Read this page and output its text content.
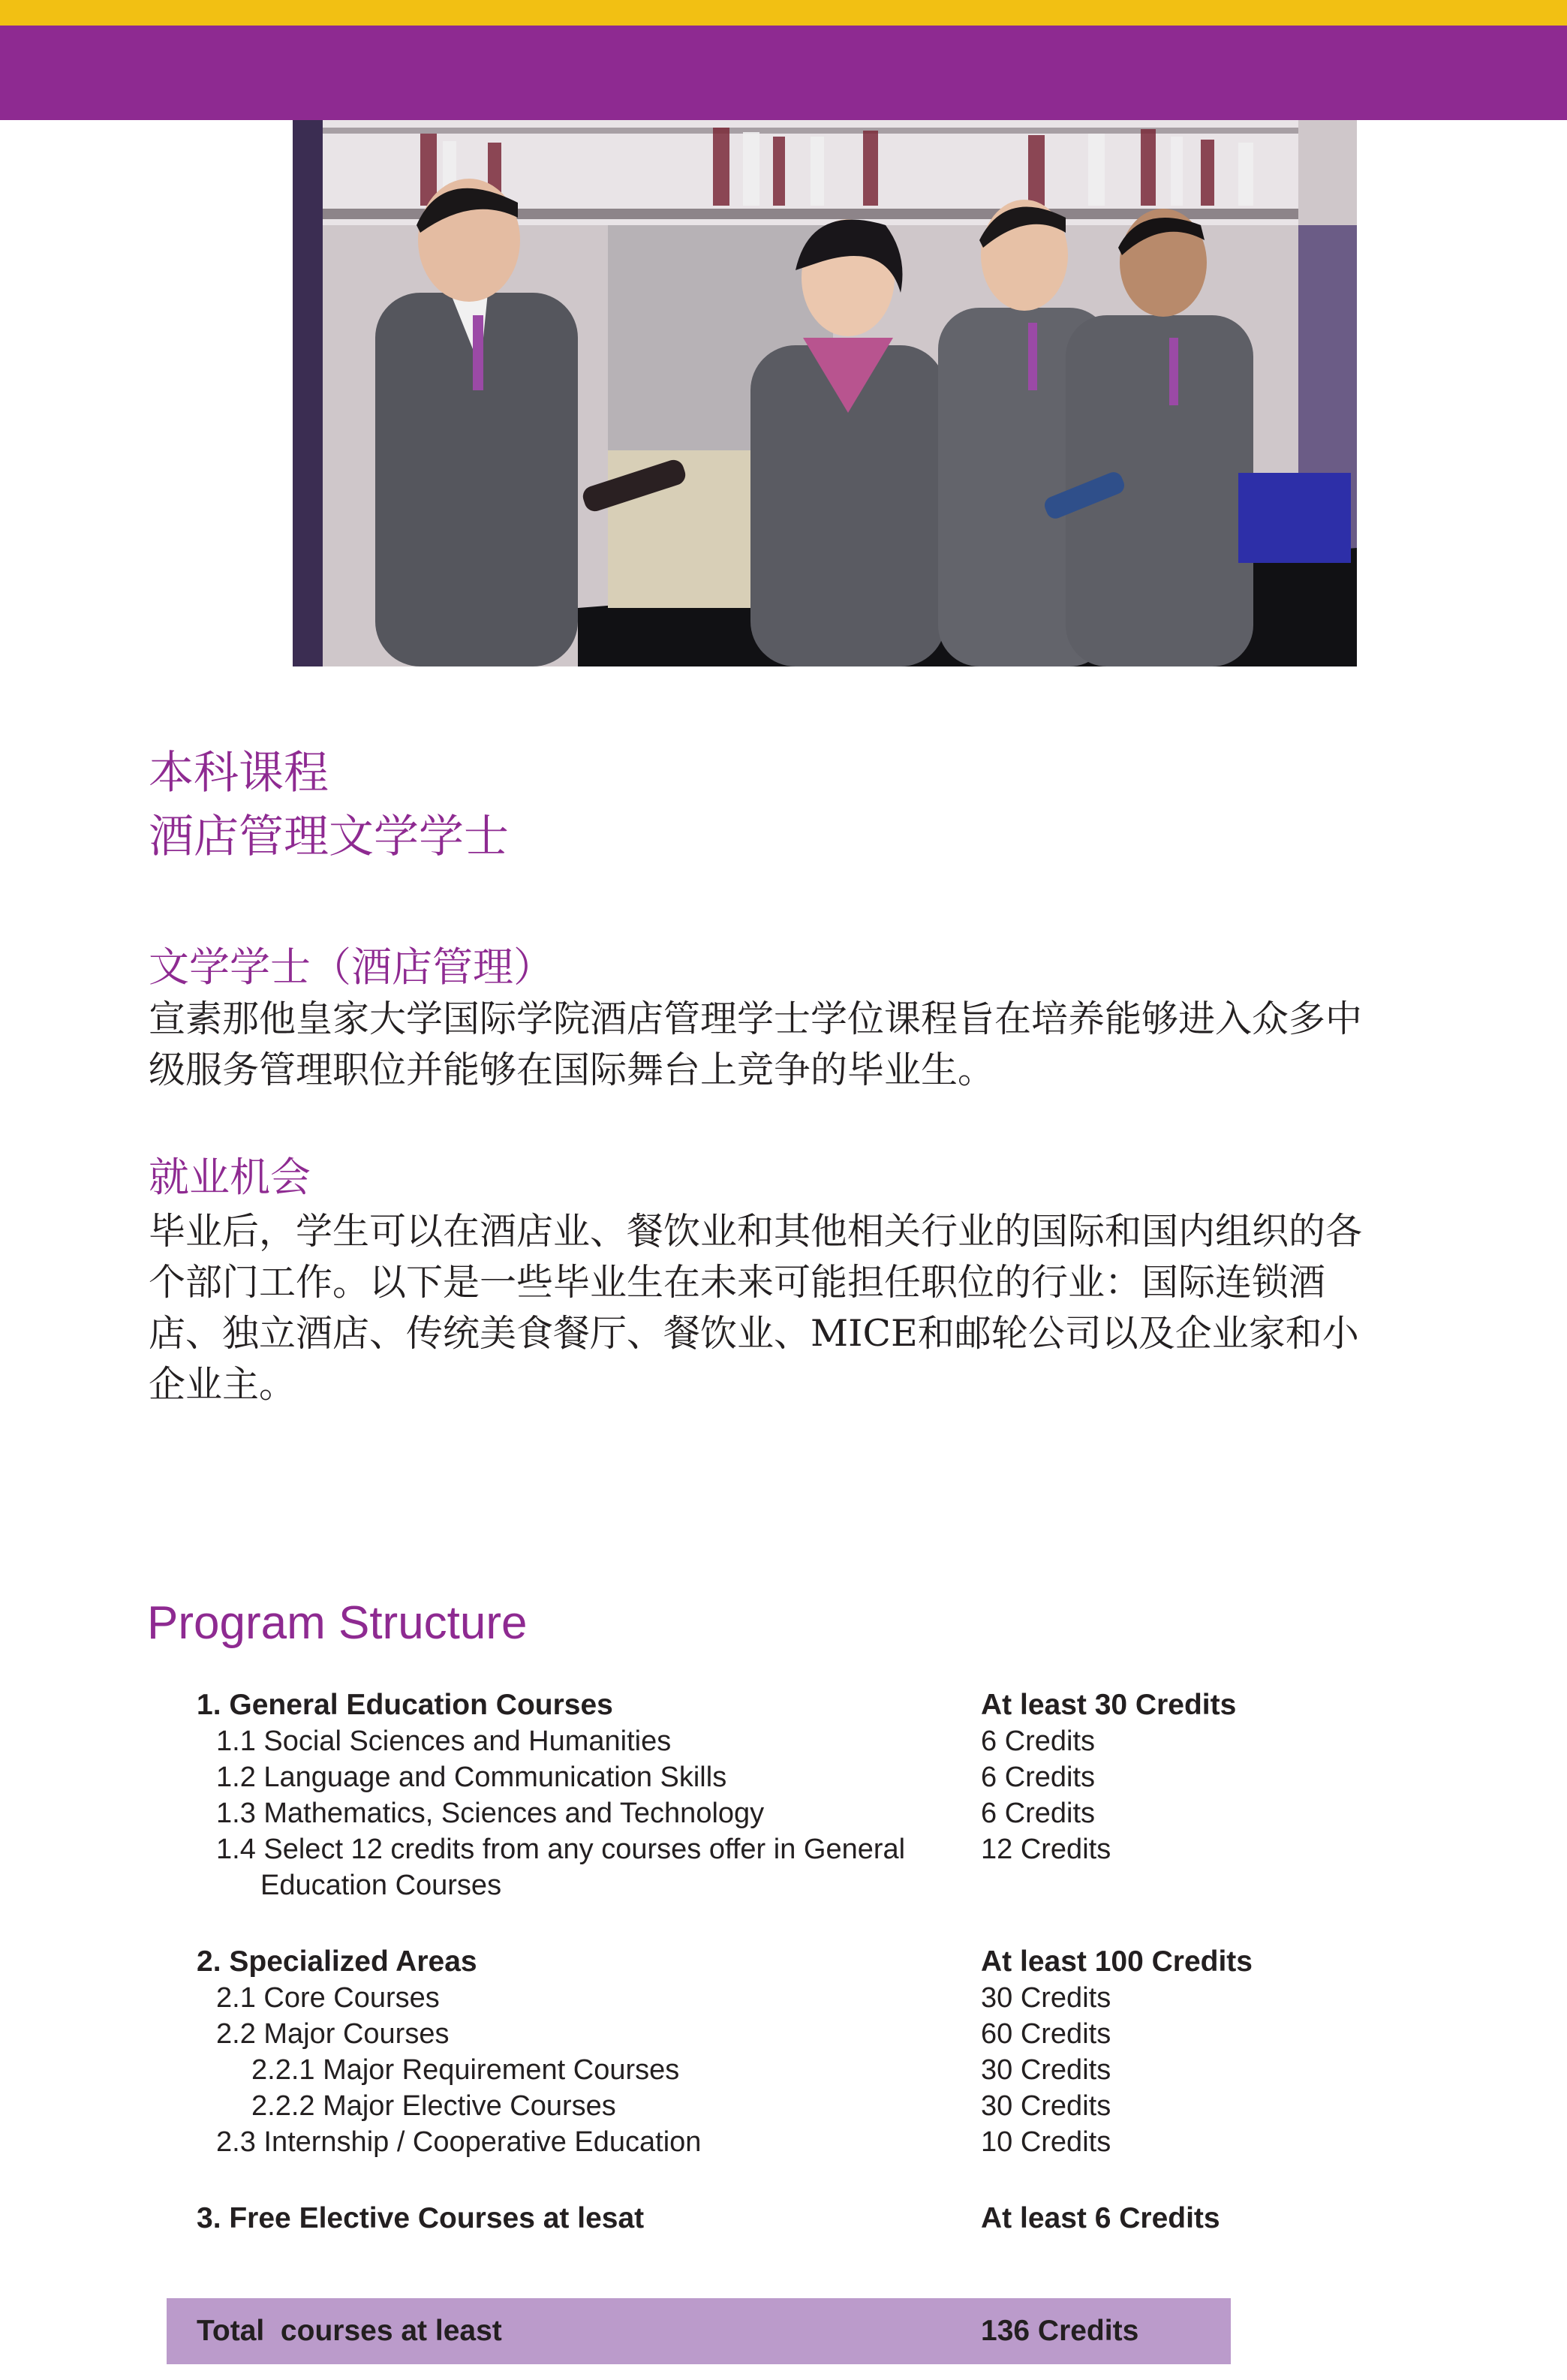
本科课程
酒店管理文学学士
文学学士（酒店管理）

宣素那他皇家大学国际学院酒店管理学士学位课程旨在培养能够进入众多中级服务管理职位并能够在国际舞台上竞争的毕业生。

就业机会

毕业后，学生可以在酒店业、餐饮业和其他相关行业的国际和国内组织的各个部门工作。以下是一些毕业生在未来可能担任职位的行业：国际连锁酒店、独立酒店、传统美食餐厅、餐饮业、MICE和邮轮公司以及企业家和小企业主。

Program Structure
1. General Education Courses	At least 30 Credits
1.1 Social Sciences and Humanities	6 Credits
1.2 Language and Communication Skills	6 Credits
1.3 Mathematics, Sciences and Technology	6 Credits
1.4 Select 12 credits from any courses offer in General	12 Credits
Education Courses
2. Specialized Areas	At least 100 Credits
2.1 Core Courses	30 Credits
2.2 Major Courses	60 Credits
2.2.1 Major Requirement Courses	30 Credits
2.2.2 Major Elective Courses	30 Credits
2.3 Internship / Cooperative Education	10 Credits
3. Free Elective Courses at lesat	At least 6 Credits
Total  courses at least	136 Credits
